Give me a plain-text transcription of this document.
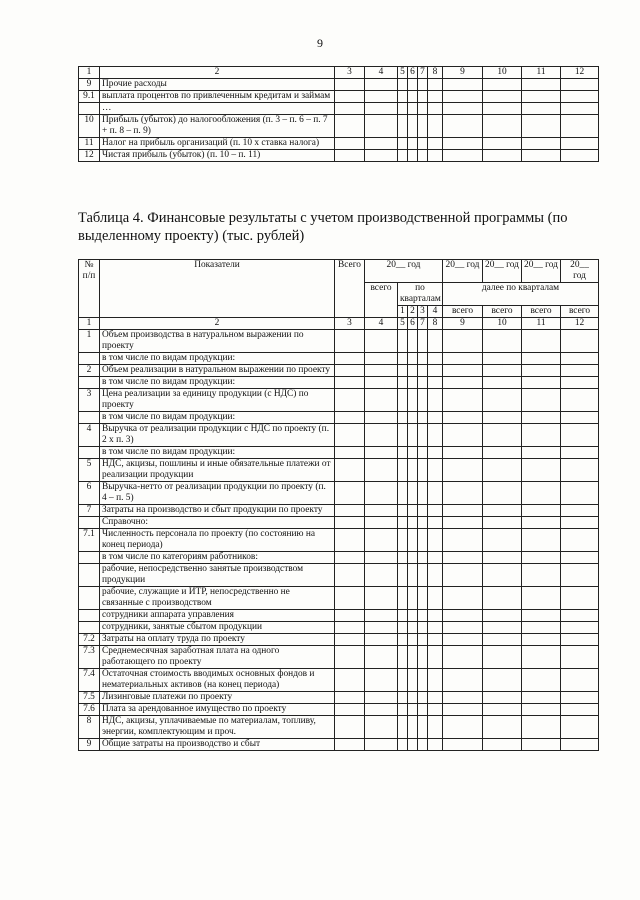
9
1	2	3	4	5	6	7	8	9	10	11	12
9	Прочие расходы										
9.1	выплата процентов по привлеченным кредитам и займам										
	…										
10	Прибыль (убыток) до налогообложения (п. 3 – п. 6 – п. 7 + п. 8 – п. 9)										
11	Налог на прибыль организаций (п. 10 х ставка налога)										
12	Чистая прибыль (убыток) (п. 10 – п. 11)										
Таблица 4. Финансовые результаты с учетом производственной программы (по выделенному проекту) (тыс. рублей)
№ п/п	Показатели	Всего	20__ год					20__ год	20__ год	20__ год	20__ год
			всего	по кварталам				далее по кварталам			
				1	2	3	4	всего	всего	всего	всего
1	2	3	4	5	6	7	8	9	10	11	12
1	Объем производства в натуральном выражении по проекту										
	в том числе по видам продукции:										
2	Объем реализации в натуральном выражении по проекту										
	в том числе по видам продукции:										
3	Цена реализации за единицу продукции (с НДС) по проекту										
	в том числе по видам продукции:										
4	Выручка от реализации продукции с НДС по проекту (п. 2 х п. 3)										
	в том числе по видам продукции:										
5	НДС, акцизы, пошлины и иные обязательные платежи от реализации продукции										
6	Выручка-нетто от реализации продукции по проекту (п. 4 – п. 5)										
7	Затраты на производство и сбыт продукции по проекту										
	Справочно:										
7.1	Численность персонала по проекту (по состоянию на конец периода)										
	в том числе по категориям работников:										
	рабочие, непосредственно занятые производством продукции										
	рабочие, служащие и ИТР, непосредственно не связанные с производством										
	сотрудники аппарата управления										
	сотрудники, занятые сбытом продукции										
7.2	Затраты на оплату труда по проекту										
7.3	Среднемесячная заработная плата на одного работающего по проекту										
7.4	Остаточная стоимость вводимых основных фондов и нематериальных активов (на конец периода)										
7.5	Лизинговые платежи по проекту										
7.6	Плата за арендованное имущество по проекту										
8	НДС, акцизы, уплачиваемые по материалам, топливу, энергии, комплектующим и проч.										
9	Общие затраты на производство и сбыт										
